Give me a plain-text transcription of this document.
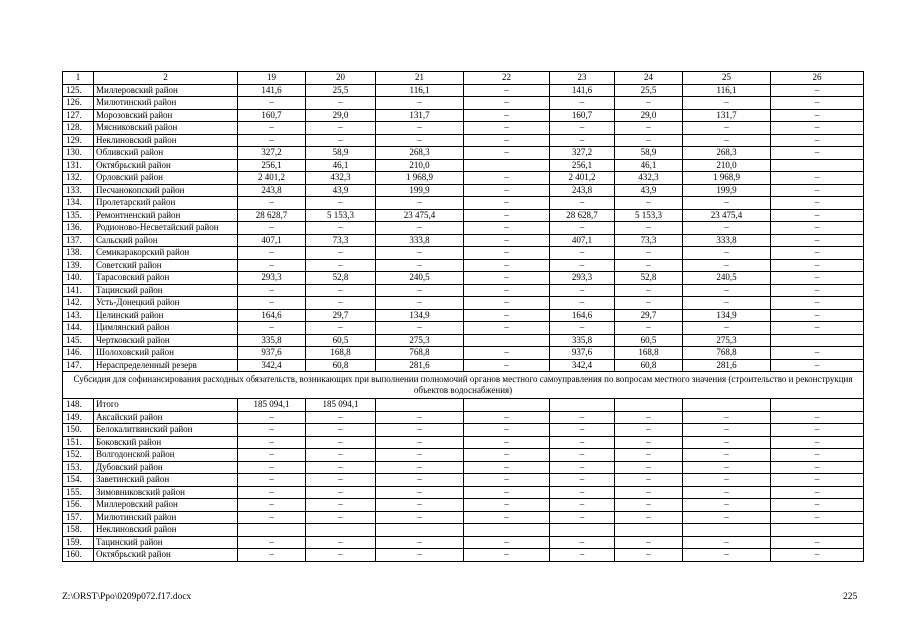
1	2	19	20	21	22	23	24	25	26
125.	Миллеровский район	141,6	25,5	116,1	–	141,6	25,5	116,1	–
126.	Милютинский район	–	–	–	–	–	–	–	–
127.	Морозовский район	160,7	29,0	131,7	–	160,7	29,0	131,7	–
128.	Мясниковский район	–	–	–	–	–	–	–	–
129.	Неклиновский район	–	–	–	–	–	–	–	–
130.	Обливский район	327,2	58,9	268,3	–	327,2	58,9	268,3	–
131.	Октябрьский район	256,1	46,1	210,0		256,1	46,1	210,0	
132.	Орловский район	2 401,2	432,3	1 968,9	–	2 401,2	432,3	1 968,9	–
133.	Песчанокопский район	243,8	43,9	199,9	–	243,8	43,9	199,9	–
134.	Пролетарский район	–	–	–	–	–	–	–	–
135.	Ремонтненский район	28 628,7	5 153,3	23 475,4	–	28 628,7	5 153,3	23 475,4	–
136.	Родионово-Несветайский район	–	–	–	–	–	–	–	–
137.	Сальский район	407,1	73,3	333,8	–	407,1	73,3	333,8	–
138.	Семикаракорский район	–	–	–	–	–	–	–	–
139.	Советский район	–	–	–	–	–	–	–	–
140.	Тарасовский район	293,3	52,8	240,5	–	293,3	52,8	240,5	–
141.	Тацинский район	–	–	–	–	–	–	–	–
142.	Усть-Донецкий район	–	–	–	–	–	–	–	–
143.	Целинский район	164,6	29,7	134,9	–	164,6	29,7	134,9	–
144.	Цимлянский район	–	–	–	–	–	–	–	–
145.	Чертковский район	335,8	60,5	275,3		335,8	60,5	275,3	
146.	Шолоховский район	937,6	168,8	768,8	–	937,6	168,8	768,8	–
147.	Нераспределенный резерв	342,4	60,8	281,6	–	342,4	60,8	281,6	–
Субсидия для софинансирования расходных обязательств, возникающих при выполнении полномочий органов местного самоуправления по вопросам местного значения (строительство и реконструкция объектов водоснабжения)									
148.	Итого	185 094,1	185 094,1						
149.	Аксайский район	–	–	–	–	–	–	–	–
150.	Белокалитвинский район	–	–	–	–	–	–	–	–
151.	Боковский район	–	–	–	–	–	–	–	–
152.	Волгодонской район	–	–	–	–	–	–	–	–
153.	Дубовский район	–	–	–	–	–	–	–	–
154.	Заветинский район	–	–	–	–	–	–	–	–
155.	Зимовниковский район	–	–	–	–	–	–	–	–
156.	Миллеровский район	–	–	–	–	–	–	–	–
157.	Милютинский район	–	–	–	–	–	–	–	–
158.	Неклиновский район								
159.	Тацинский район	–	–	–	–	–	–	–	–
160.	Октябрьский район	–	–	–	–	–	–	–	–
Z:\ORST\Ppo\0209p072.f17.docx	225
